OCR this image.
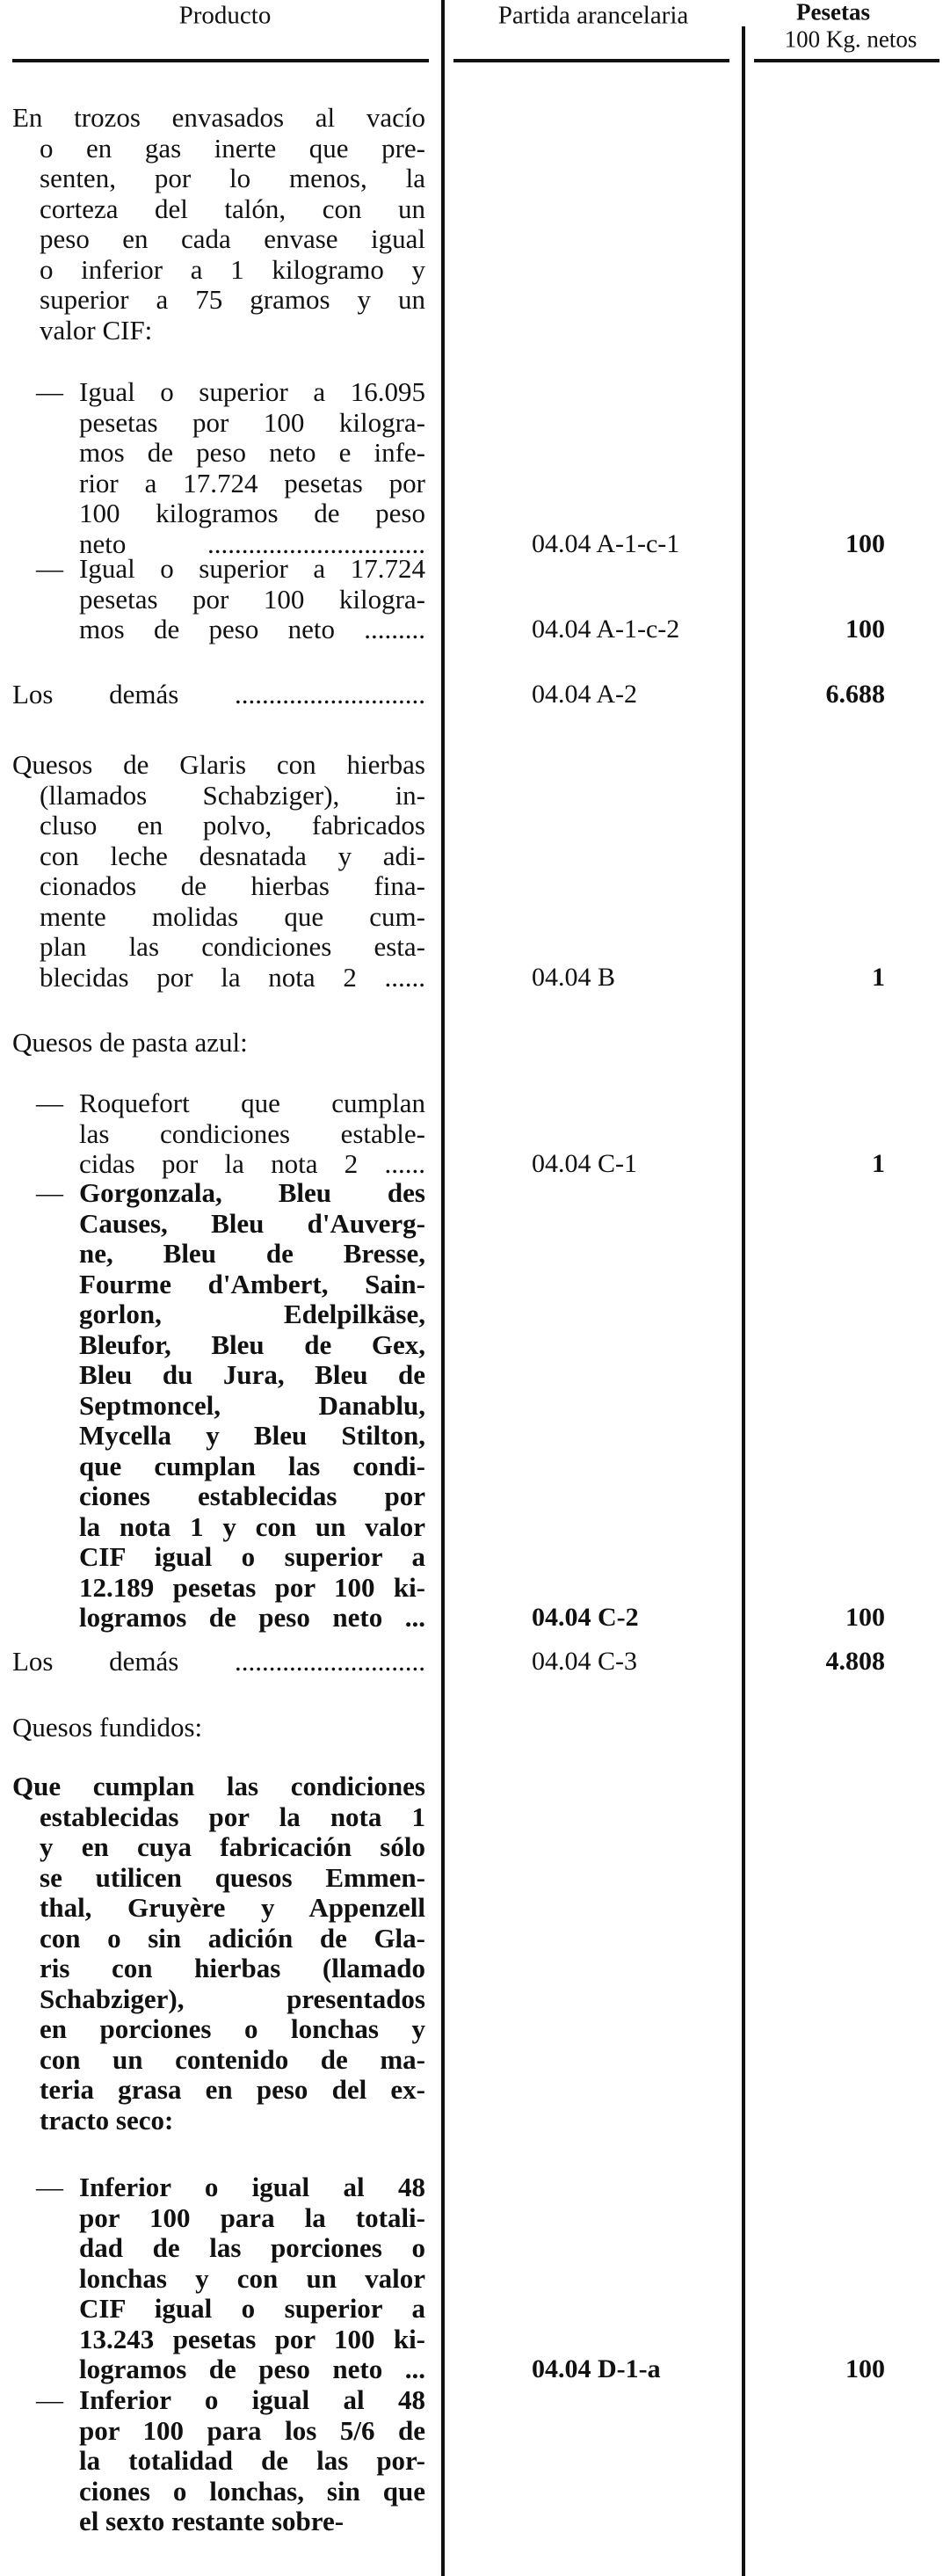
Producto	Partida arancelaria	Pesetas
100 Kg. netos
En trozos envasados al vacío
o en gas inerte que pre-
senten, por lo menos, la
corteza del talón, con un
peso en cada envase igual
o inferior a 1 kilogramo y
superior a 75 gramos y un
valor CIF:
— Igual o superior a 16.095
pesetas por 100 kilogra-
mos de peso neto e infe-
rior a 17.724 pesetas por
100 kilogramos de peso
neto ................................	04.04 A-1-c-1	100
— Igual o superior a 17.724
pesetas por 100 kilogra-
mos de peso neto .........	04.04 A-1-c-2	100
Los demás ............................	04.04 A-2	6.688
Quesos de Glaris con hierbas
(llamados Schabziger), in-
cluso en polvo, fabricados
con leche desnatada y adi-
cionados de hierbas fina-
mente molidas que cum-
plan las condiciones esta-
blecidas por la nota 2 ......	04.04 B	1
Quesos de pasta azul:
— Roquefort que cumplan
las condiciones estable-
cidas por la nota 2 ......	04.04 C-1	1
— Gorgonzala, Bleu des
Causes, Bleu d'Auverg-
ne, Bleu de Bresse,
Fourme d'Ambert, Sain-
gorlon, Edelpilkäse,
Bleufor, Bleu de Gex,
Bleu du Jura, Bleu de
Septmoncel, Danablu,
Mycella y Bleu Stilton,
que cumplan las condi-
ciones establecidas por
la nota 1 y con un valor
CIF igual o superior a
12.189 pesetas por 100 ki-
logramos de peso neto ...	04.04 C-2	100
Los demás ............................	04.04 C-3	4.808
Quesos fundidos:
Que cumplan las condiciones
establecidas por la nota 1
y en cuya fabricación sólo
se utilicen quesos Emmen-
thal, Gruyère y Appenzell
con o sin adición de Gla-
ris con hierbas (llamado
Schabziger), presentados
en porciones o lonchas y
con un contenido de ma-
teria grasa en peso del ex-
tracto seco:
— Inferior o igual al 48
por 100 para la totali-
dad de las porciones o
lonchas y con un valor
CIF igual o superior a
13.243 pesetas por 100 ki-
logramos de peso neto ...	04.04 D-1-a	100
— Inferior o igual al 48
por 100 para los 5/6 de
la totalidad de las por-
ciones o lonchas, sin que
el sexto restante sobre-
